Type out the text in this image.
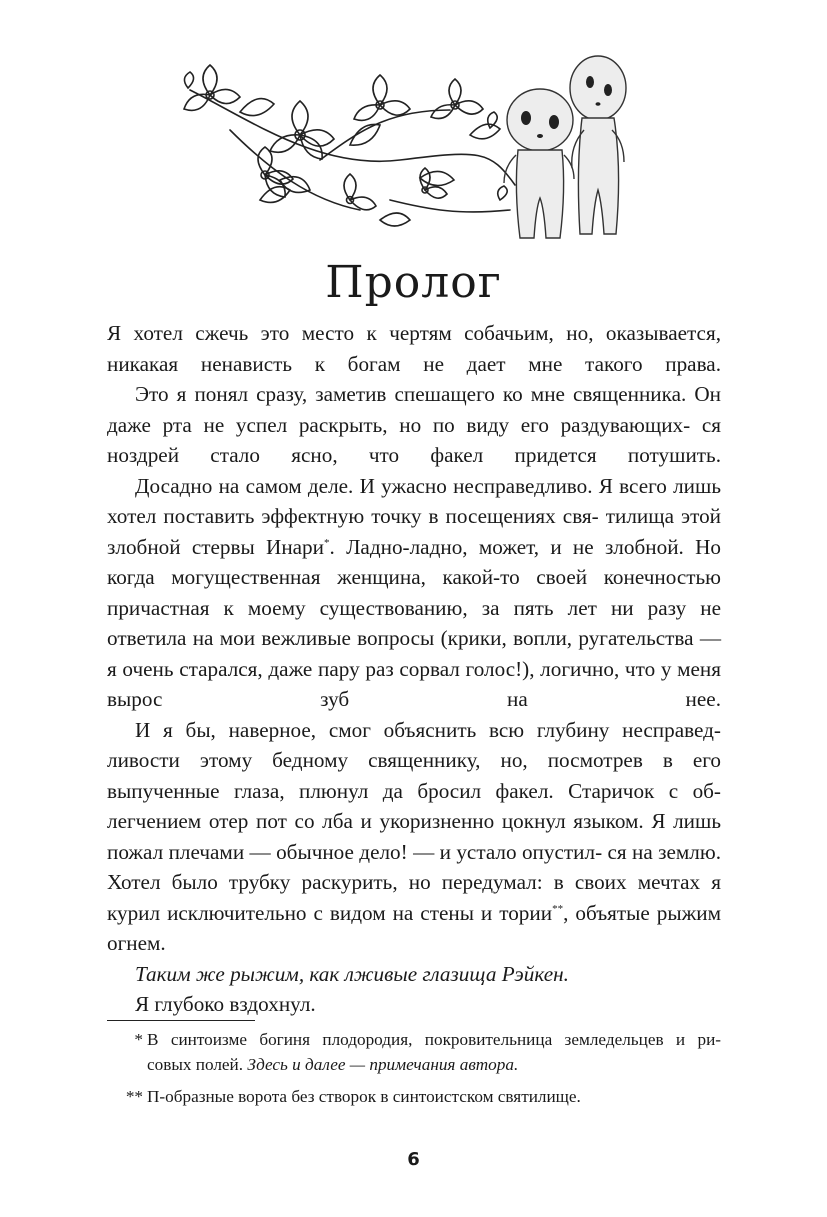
Пролог

Я хотел сжечь это место к чертям собачьим, но, оказывается, никакая ненависть к богам не дает мне такого права.

Это я понял сразу, заметив спешащего ко мне священника. Он даже рта не успел раскрыть, но по виду его раздувающих- ся ноздрей стало ясно, что факел придется потушить.

Досадно на самом деле. И ужасно несправедливо. Я всего лишь хотел поставить эффектную точку в посещениях свя- тилища этой злобной стервы Инари*. Ладно-ладно, может, и не злобной. Но когда могущественная женщина, какой-то своей конечностью причастная к моему существованию, за пять лет ни разу не ответила на мои вежливые вопросы (крики, вопли, ругательства — я очень старался, даже пару раз сорвал голос!), логично, что у меня вырос зуб на нее.

И я бы, наверное, смог объяснить всю глубину несправед- ливости этому бедному священнику, но, посмотрев в его выпученные глаза, плюнул да бросил факел. Старичок с об- легчением отер пот со лба и укоризненно цокнул языком. Я лишь пожал плечами — обычное дело! — и устало опустил- ся на землю. Хотел было трубку раскурить, но передумал: в своих мечтах я курил исключительно с видом на стены и тории**, объятые рыжим огнем.

Таким же рыжим, как лживые глазища Рэйкен.

Я глубоко вздохнул.

* В синтоизме богиня плодородия, покровительница земледельцев и ри-
совых полей. Здесь и далее — примечания автора.
** П-образные ворота без створок в синтоистском святилище.
6
